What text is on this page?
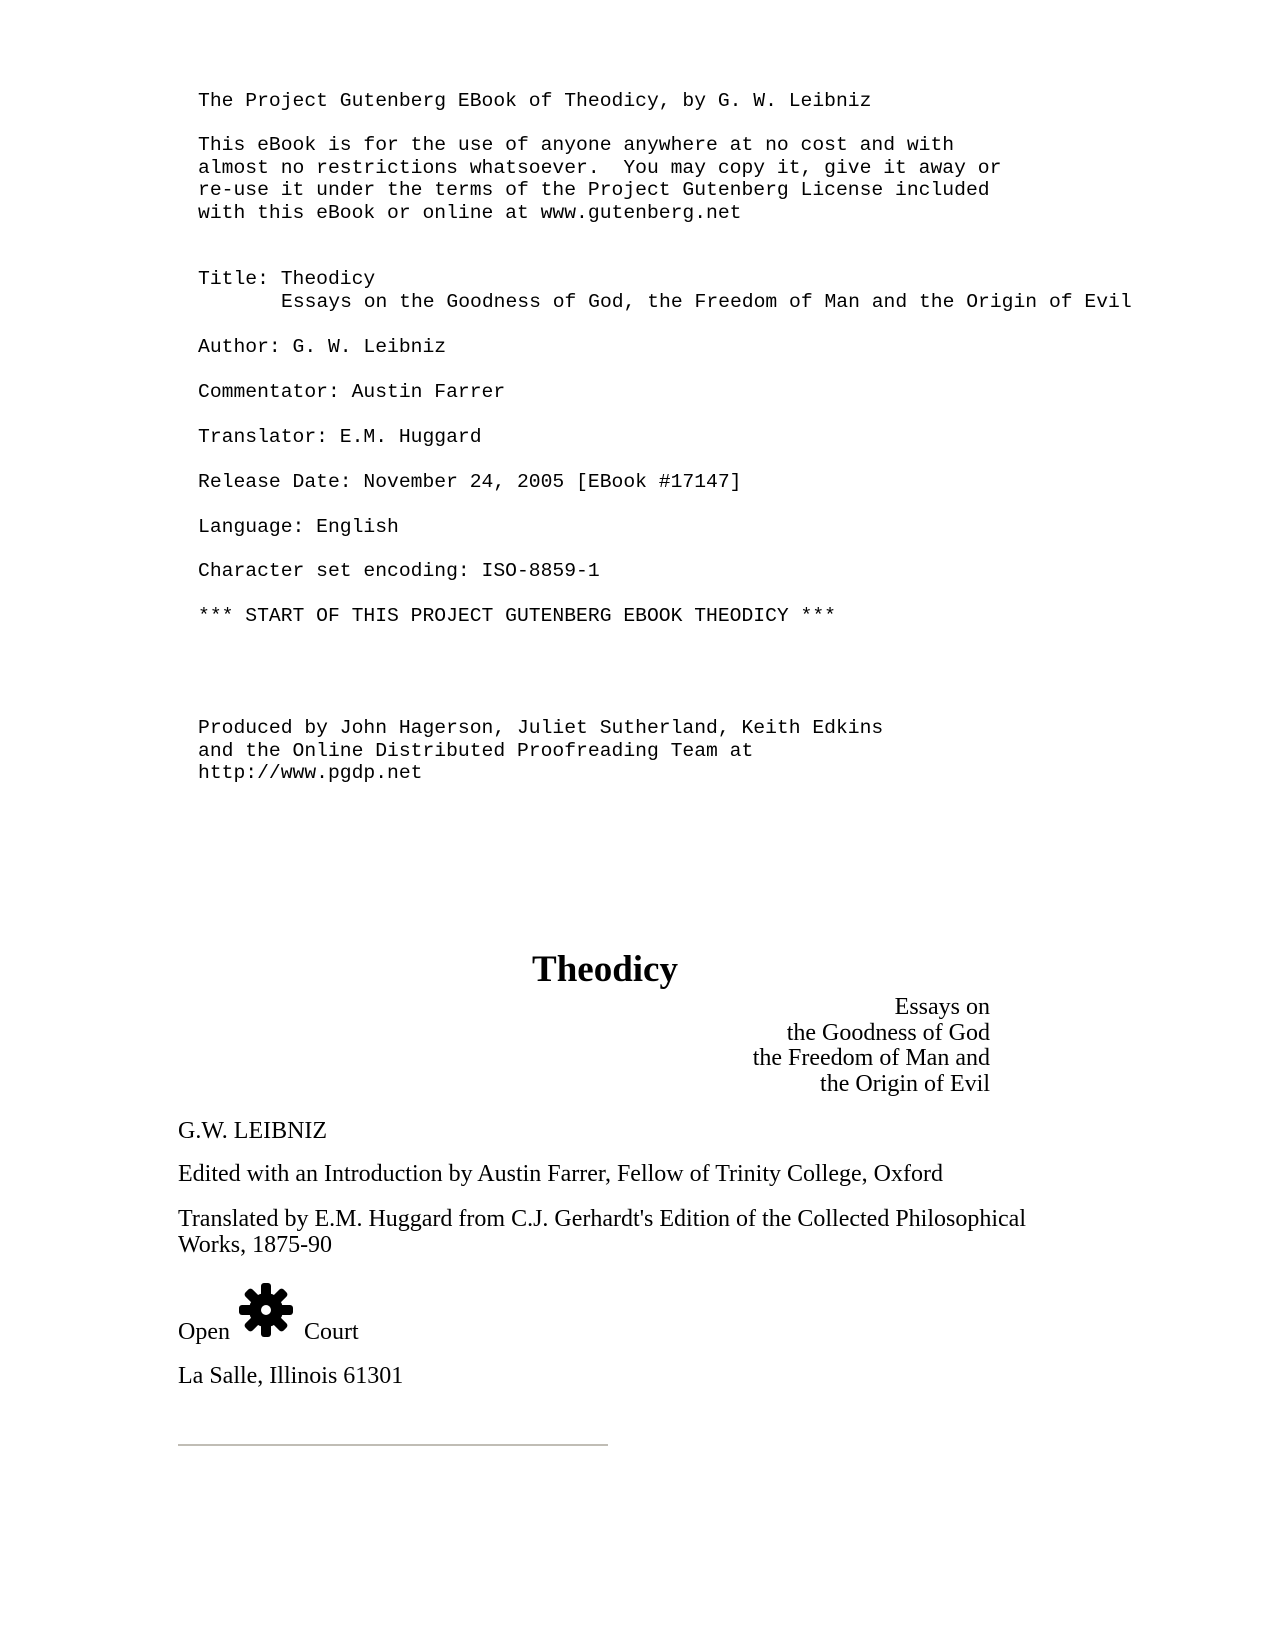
The Project Gutenberg EBook of Theodicy, by G. W. Leibniz
This eBook is for the use of anyone anywhere at no cost and with
almost no restrictions whatsoever.  You may copy it, give it away or
re-use it under the terms of the Project Gutenberg License included
with this eBook or online at www.gutenberg.net
Title: Theodicy
Essays on the Goodness of God, the Freedom of Man and the Origin of Evil
Author: G. W. Leibniz
Commentator: Austin Farrer
Translator: E.M. Huggard
Release Date: November 24, 2005 [EBook #17147]
Language: English
Character set encoding: ISO-8859-1
*** START OF THIS PROJECT GUTENBERG EBOOK THEODICY ***
Produced by John Hagerson, Juliet Sutherland, Keith Edkins
and the Online Distributed Proofreading Team at
http://www.pgdp.net
Theodicy
Essays on
the Goodness of God
the Freedom of Man and
the Origin of Evil
G.W. LEIBNIZ
Edited with an Introduction by Austin Farrer, Fellow of Trinity College, Oxford
Translated by E.M. Huggard from C.J. Gerhardt's Edition of the Collected Philosophical Works, 1875-90
Open	Court
La Salle, Illinois 61301
